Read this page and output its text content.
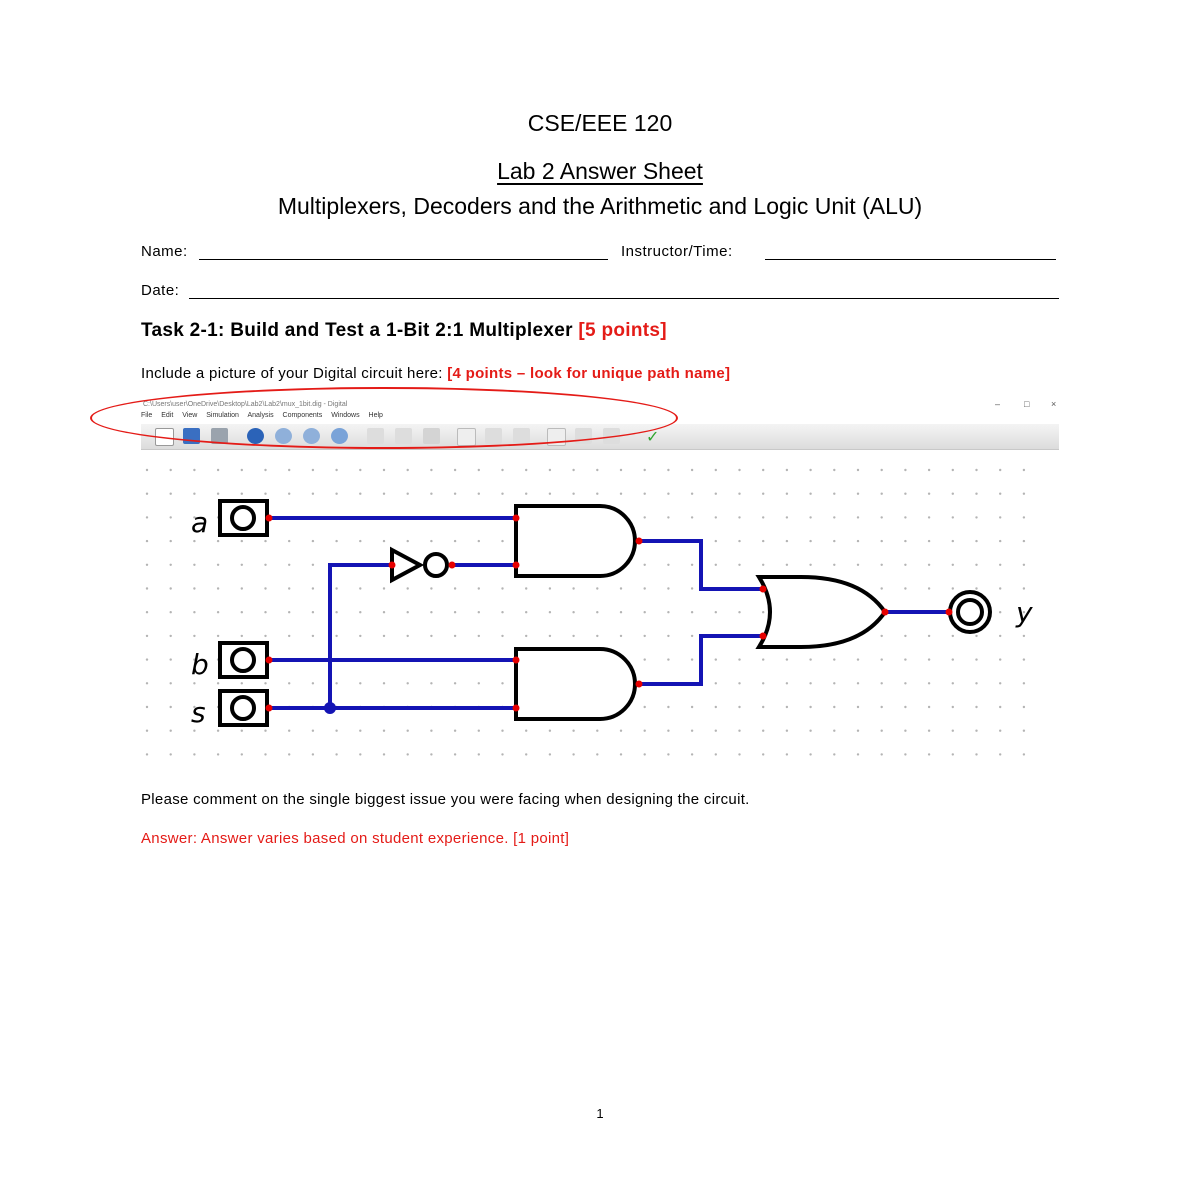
CSE/EEE 120
Lab 2 Answer Sheet
Multiplexers, Decoders and the Arithmetic and Logic Unit (ALU)
Name:	Instructor/Time:
Date:
Task 2-1: Build and Test a 1-Bit 2:1 Multiplexer [5 points]
Include a picture of your Digital circuit here: [4 points – look for unique path name]
C:\Users\user\OneDrive\Desktop\Lab2\Lab2\mux_1bit.dig - Digital	–	□ ×
File Edit View Simulation Analysis Components Windows Help
✓
a
b
s
y
Please comment on the single biggest issue you were facing when designing the circuit.
Answer: Answer varies based on student experience. [1 point]
1
